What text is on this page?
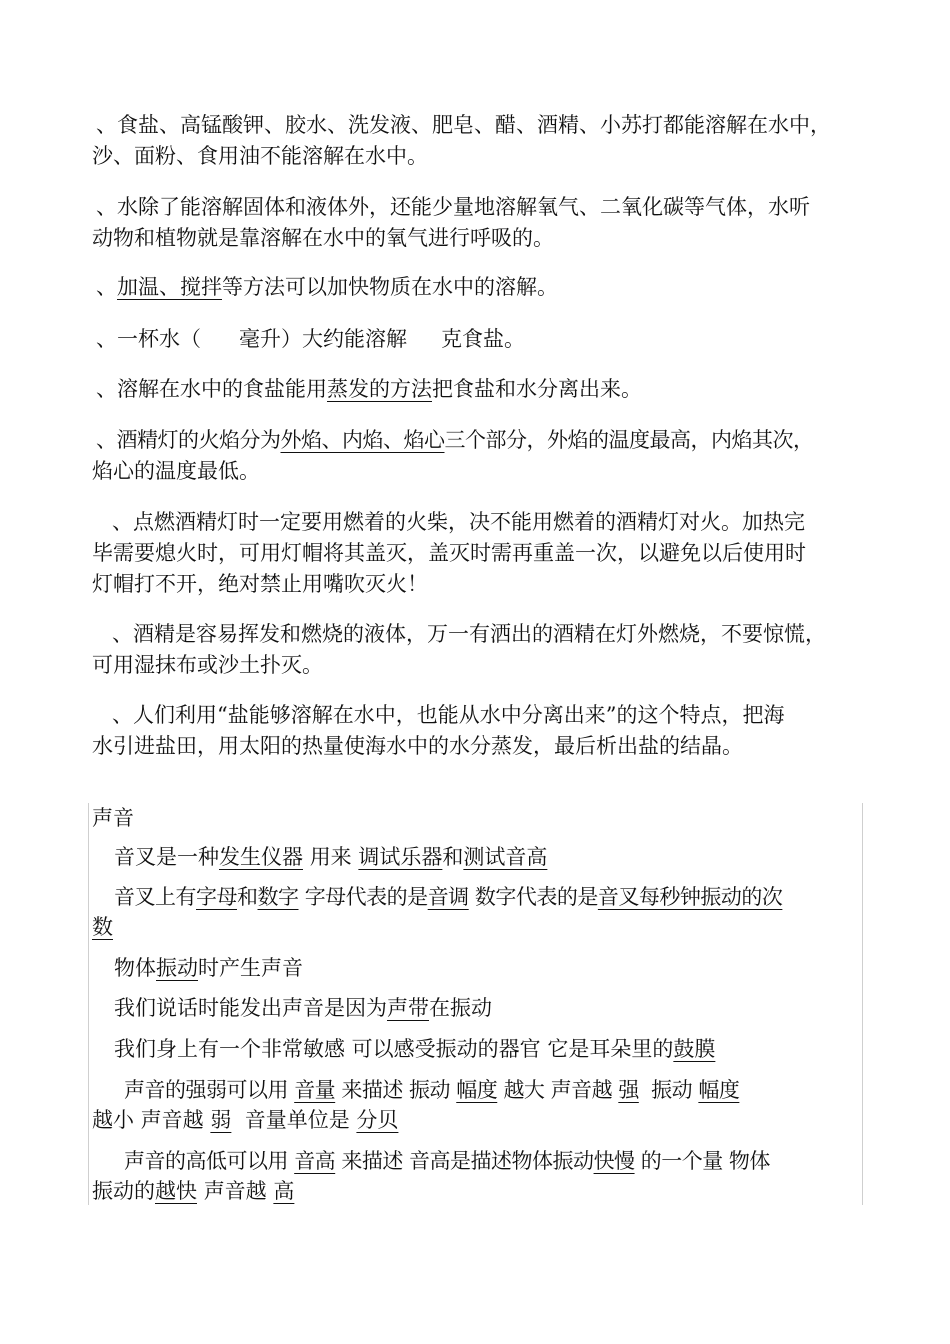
、食盐、高锰酸钾、胶水、洗发液、肥皂、醋、酒精、小苏打都能溶解在水中，
沙、面粉、食用油不能溶解在水中。
、水除了能溶解固体和液体外，还能少量地溶解氧气、二氧化碳等气体，水听
动物和植物就是靠溶解在水中的氧气进行呼吸的。
、加温、搅拌等方法可以加快物质在水中的溶解。
、一杯水（ 毫升）大约能溶解 克食盐。
、溶解在水中的食盐能用蒸发的方法把食盐和水分离出来。
、酒精灯的火焰分为外焰、内焰、焰心三个部分，外焰的温度最高，内焰其次，
焰心的温度最低。
、点燃酒精灯时一定要用燃着的火柴，决不能用燃着的酒精灯对火。加热完
毕需要熄火时，可用灯帽将其盖灭，盖灭时需再重盖一次，以避免以后使用时
灯帽打不开，绝对禁止用嘴吹灭火！
、酒精是容易挥发和燃烧的液体，万一有洒出的酒精在灯外燃烧，不要惊慌，
可用湿抹布或沙土扑灭。
、人们利用“盐能够溶解在水中，也能从水中分离出来”的这个特点，把海
水引进盐田，用太阳的热量使海水中的水分蒸发，最后析出盐的结晶。
声音
音叉是一种发生仪器 用来 调试乐器和测试音高
音叉上有字母和数字 字母代表的是音调 数字代表的是音叉每秒钟振动的次
数
物体振动时产生声音
我们说话时能发出声音是因为声带在振动
我们身上有一个非常敏感 可以感受振动的器官 它是耳朵里的鼓膜
声音的强弱可以用 音量 来描述 振动 幅度 越大 声音越 强 振动 幅度
越小 声音越 弱 音量单位是 分贝
声音的高低可以用 音高 来描述 音高是描述物体振动快慢 的一个量 物体
振动的越快 声音越 高
